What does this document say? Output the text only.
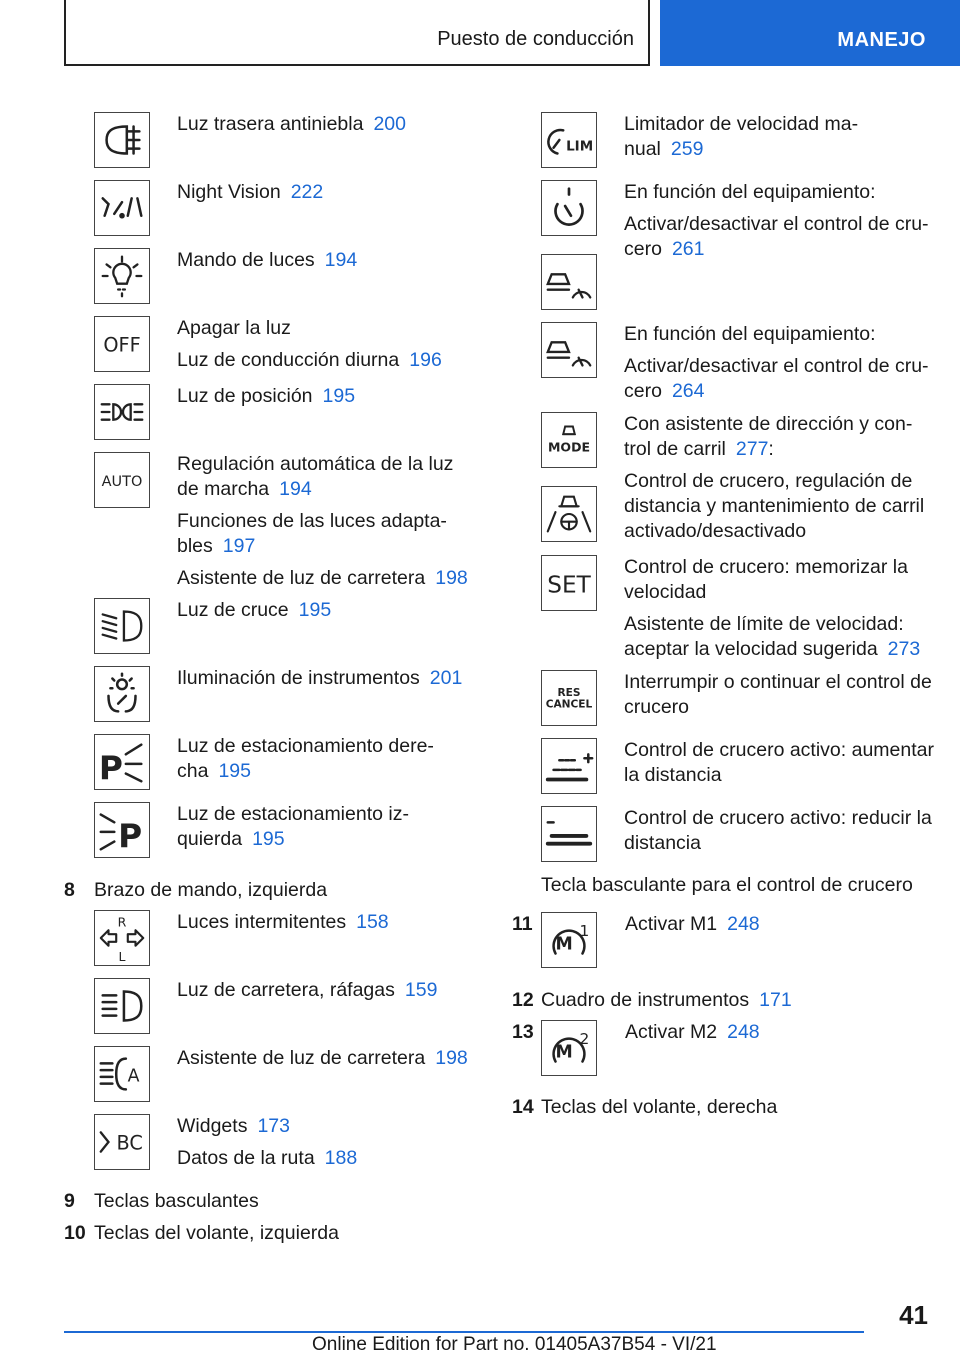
Puesto de conducción	MANEJO

Luz trasera antiniebla 200

Night Vision 222

Mando de luces 194

OFF

Apagar la luz

Luz de conducción diurna 196

Luz de posición 195

AUTO

Regulación automática de la luz de marcha 194

Funciones de las luces adapta-bles 197

Asistente de luz de carretera 198

Luz de cruce 195

Iluminación de instrumentos 201

P

Luz de estacionamiento dere-cha 195

P

Luz de estacionamiento iz-quierda 195

8 Brazo de mando, izquierda
R
L

Luces intermitentes 158

Luz de carretera, ráfagas 159

A

Asistente de luz de carretera 198

BC

Widgets 173

Datos de la ruta 188

9 Teclas basculantes
10 Teclas del volante, izquierda
LIM

Limitador de velocidad ma-nual 259

En función del equipamiento:

Activar/desactivar el control de cru-cero 261

En función del equipamiento:

Activar/desactivar el control de cru-cero 264

MODE

Con asistente de dirección y con-trol de carril 277:

Control de crucero, regulación de distancia y mantenimiento de carril activado/desactivado

SET

Control de crucero: memorizar la velocidad

Asistente de límite de velocidad: aceptar la velocidad sugerida 273

RES
CANCEL

Interrumpir o continuar el control de crucero

Control de crucero activo: aumentar la distancia

Control de crucero activo: reducir la distancia

Tecla basculante para el control de crucero
11
M
1 Activar M1 248

12 Cuadro de instrumentos 171
13
M
2 Activar M2 248

14 Teclas del volante, derecha
41
Online Edition for Part no. 01405A37B54 - VI/21
